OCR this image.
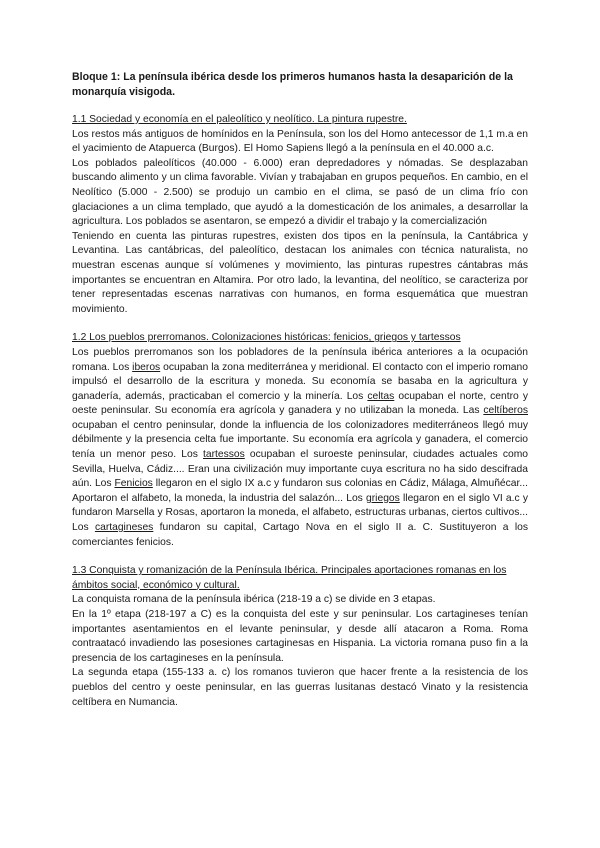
Bloque 1: La península ibérica desde los primeros humanos hasta la desaparición de la monarquía visigoda.

1.1 Sociedad y economía en el paleolítico y neolítico. La pintura rupestre.

Los restos más antiguos de homínidos en la Península, son los del Homo antecessor de 1,1 m.a en el yacimiento de Atapuerca (Burgos). El Homo Sapiens llegó a la península en el 40.000 a.c.

Los poblados paleolíticos (40.000 - 6.000) eran depredadores y nómadas. Se desplazaban buscando alimento y un clima favorable. Vivían y trabajaban en grupos pequeños. En cambio, en el Neolítico (5.000 - 2.500) se produjo un cambio en el clima, se pasó de un clima frío con glaciaciones a un clima templado, que ayudó a la domesticación de los animales, a desarrollar la agricultura. Los poblados se asentaron, se empezó a dividir el trabajo y la comercialización

Teniendo en cuenta las pinturas rupestres, existen dos tipos en la península, la Cantábrica y Levantina. Las cantábricas, del paleolítico, destacan los animales con técnica naturalista, no muestran escenas aunque sí volúmenes y movimiento, las pinturas rupestres cántabras más importantes se encuentran en Altamira. Por otro lado, la levantina, del neolítico, se caracteriza por tener representadas escenas narrativas con humanos, en forma esquemática que muestran movimiento.

1.2 Los pueblos prerromanos. Colonizaciones históricas: fenicios, griegos y tartessos

Los pueblos prerromanos son los pobladores de la península ibérica anteriores a la ocupación romana. Los iberos ocupaban la zona mediterránea y meridional. El contacto con el imperio romano impulsó el desarrollo de la escritura y moneda. Su economía se basaba en la agricultura y ganadería, además, practicaban el comercio y la minería. Los celtas ocupaban el norte, centro y oeste peninsular. Su economía era agrícola y ganadera y no utilizaban la moneda. Las celtíberos ocupaban el centro peninsular, donde la influencia de los colonizadores mediterráneos llegó muy débilmente y la presencia celta fue importante. Su economía era agrícola y ganadera, el comercio tenía un menor peso. Los tartessos ocupaban el suroeste peninsular, ciudades actuales como Sevilla, Huelva, Cádiz.... Eran una civilización muy importante cuya escritura no ha sido descifrada aún. Los Fenicios llegaron en el siglo IX a.c y fundaron sus colonias en Cádiz, Málaga, Almuñécar... Aportaron el alfabeto, la moneda, la industria del salazón... Los griegos llegaron en el siglo VI a.c y fundaron Marsella y Rosas, aportaron la moneda, el alfabeto, estructuras urbanas, ciertos cultivos... Los cartagineses fundaron su capital, Cartago Nova en el siglo II a. C. Sustituyeron a los comerciantes fenicios.

1.3 Conquista y romanización de la Península Ibérica. Principales aportaciones romanas en los ámbitos social, económico y cultural.

La conquista romana de la península ibérica (218-19 a c) se divide en 3 etapas.

En la 1º etapa (218-197 a C) es la conquista del este y sur peninsular. Los cartagineses tenían importantes asentamientos en el levante peninsular, y desde allí atacaron a Roma. Roma contraatacó invadiendo las posesiones cartaginesas en Hispania. La victoria romana puso fin a la presencia de los cartagineses en la península.

La segunda etapa (155-133 a. c) los romanos tuvieron que hacer frente a la resistencia de los pueblos del centro y oeste peninsular, en las guerras lusitanas destacó Vinato y la resistencia celtíbera en Numancia.
